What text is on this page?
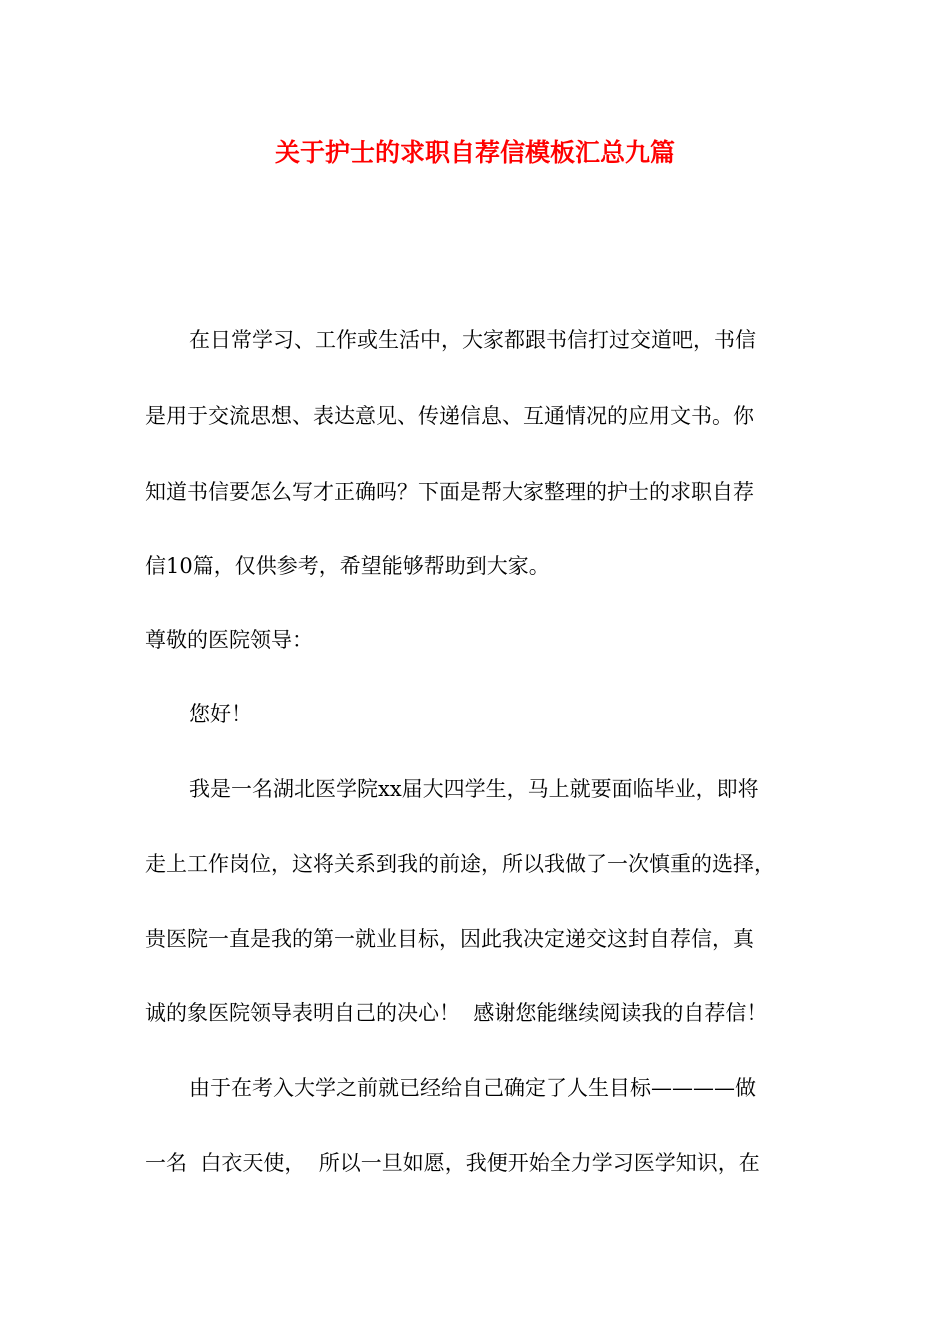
关于护士的求职自荐信模板汇总九篇
在日常学习、工作或生活中，大家都跟书信打过交道吧，书信
是用于交流思想、表达意见、传递信息、互通情况的应用文书。你
知道书信要怎么写才正确吗？下面是帮大家整理的护士的求职自荐
信10篇，仅供参考，希望能够帮助到大家。
尊敬的医院领导：
您好！
我是一名湖北医学院xx届大四学生，马上就要面临毕业，即将
走上工作岗位，这将关系到我的前途，所以我做了一次慎重的选择，
贵医院一直是我的第一就业目标，因此我决定递交这封自荐信，真
诚的象医院领导表明自己的决心！  感谢您能继续阅读我的自荐信！
由于在考入大学之前就已经给自己确定了人生目标————做
一名  白衣天使，  所以一旦如愿，我便开始全力学习医学知识，在
